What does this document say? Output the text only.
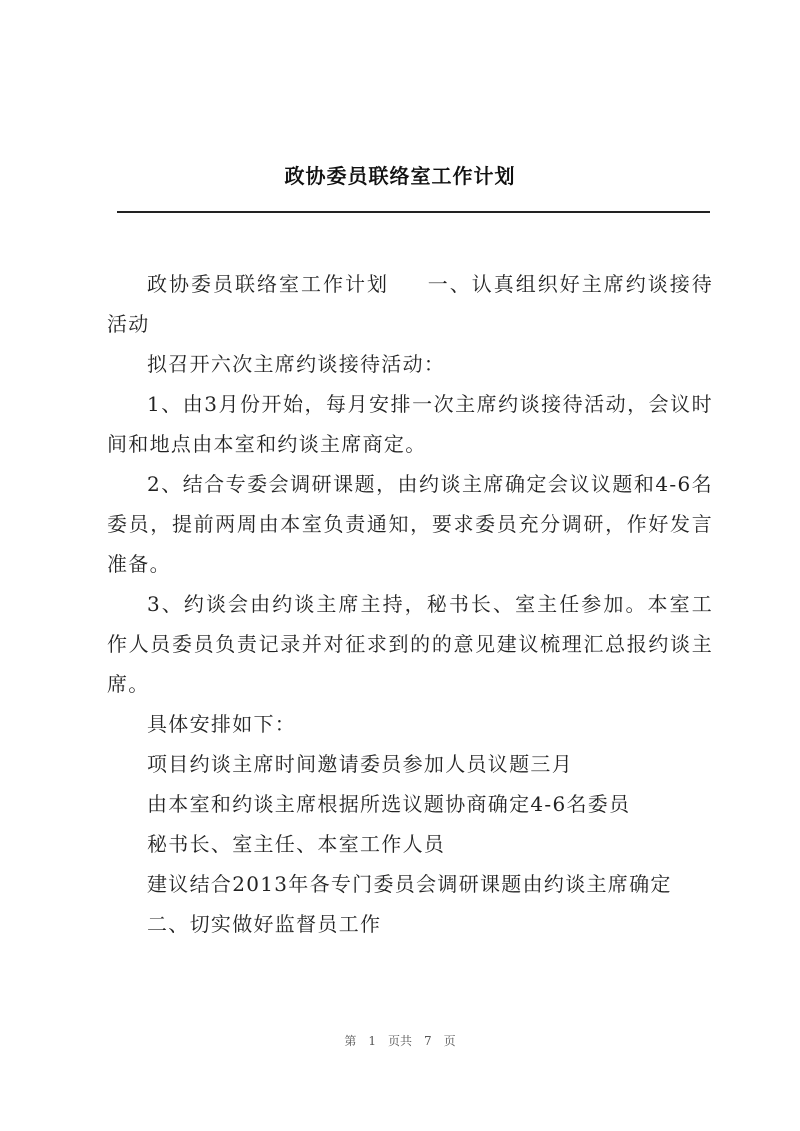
政协委员联络室工作计划

政协委员联络室工作计划 一、认真组织好主席约谈接待活动

拟召开六次主席约谈接待活动：

1、由3月份开始，每月安排一次主席约谈接待活动，会议时间和地点由本室和约谈主席商定。

2、结合专委会调研课题，由约谈主席确定会议议题和4-6名委员，提前两周由本室负责通知，要求委员充分调研，作好发言准备。

3、约谈会由约谈主席主持，秘书长、室主任参加。本室工作人员委员负责记录并对征求到的的意见建议梳理汇总报约谈主席。

具体安排如下：

项目约谈主席时间邀请委员参加人员议题三月

由本室和约谈主席根据所选议题协商确定4-6名委员

秘书长、室主任、本室工作人员

建议结合2013年各专门委员会调研课题由约谈主席确定

二、切实做好监督员工作

第 1 页共 7 页
